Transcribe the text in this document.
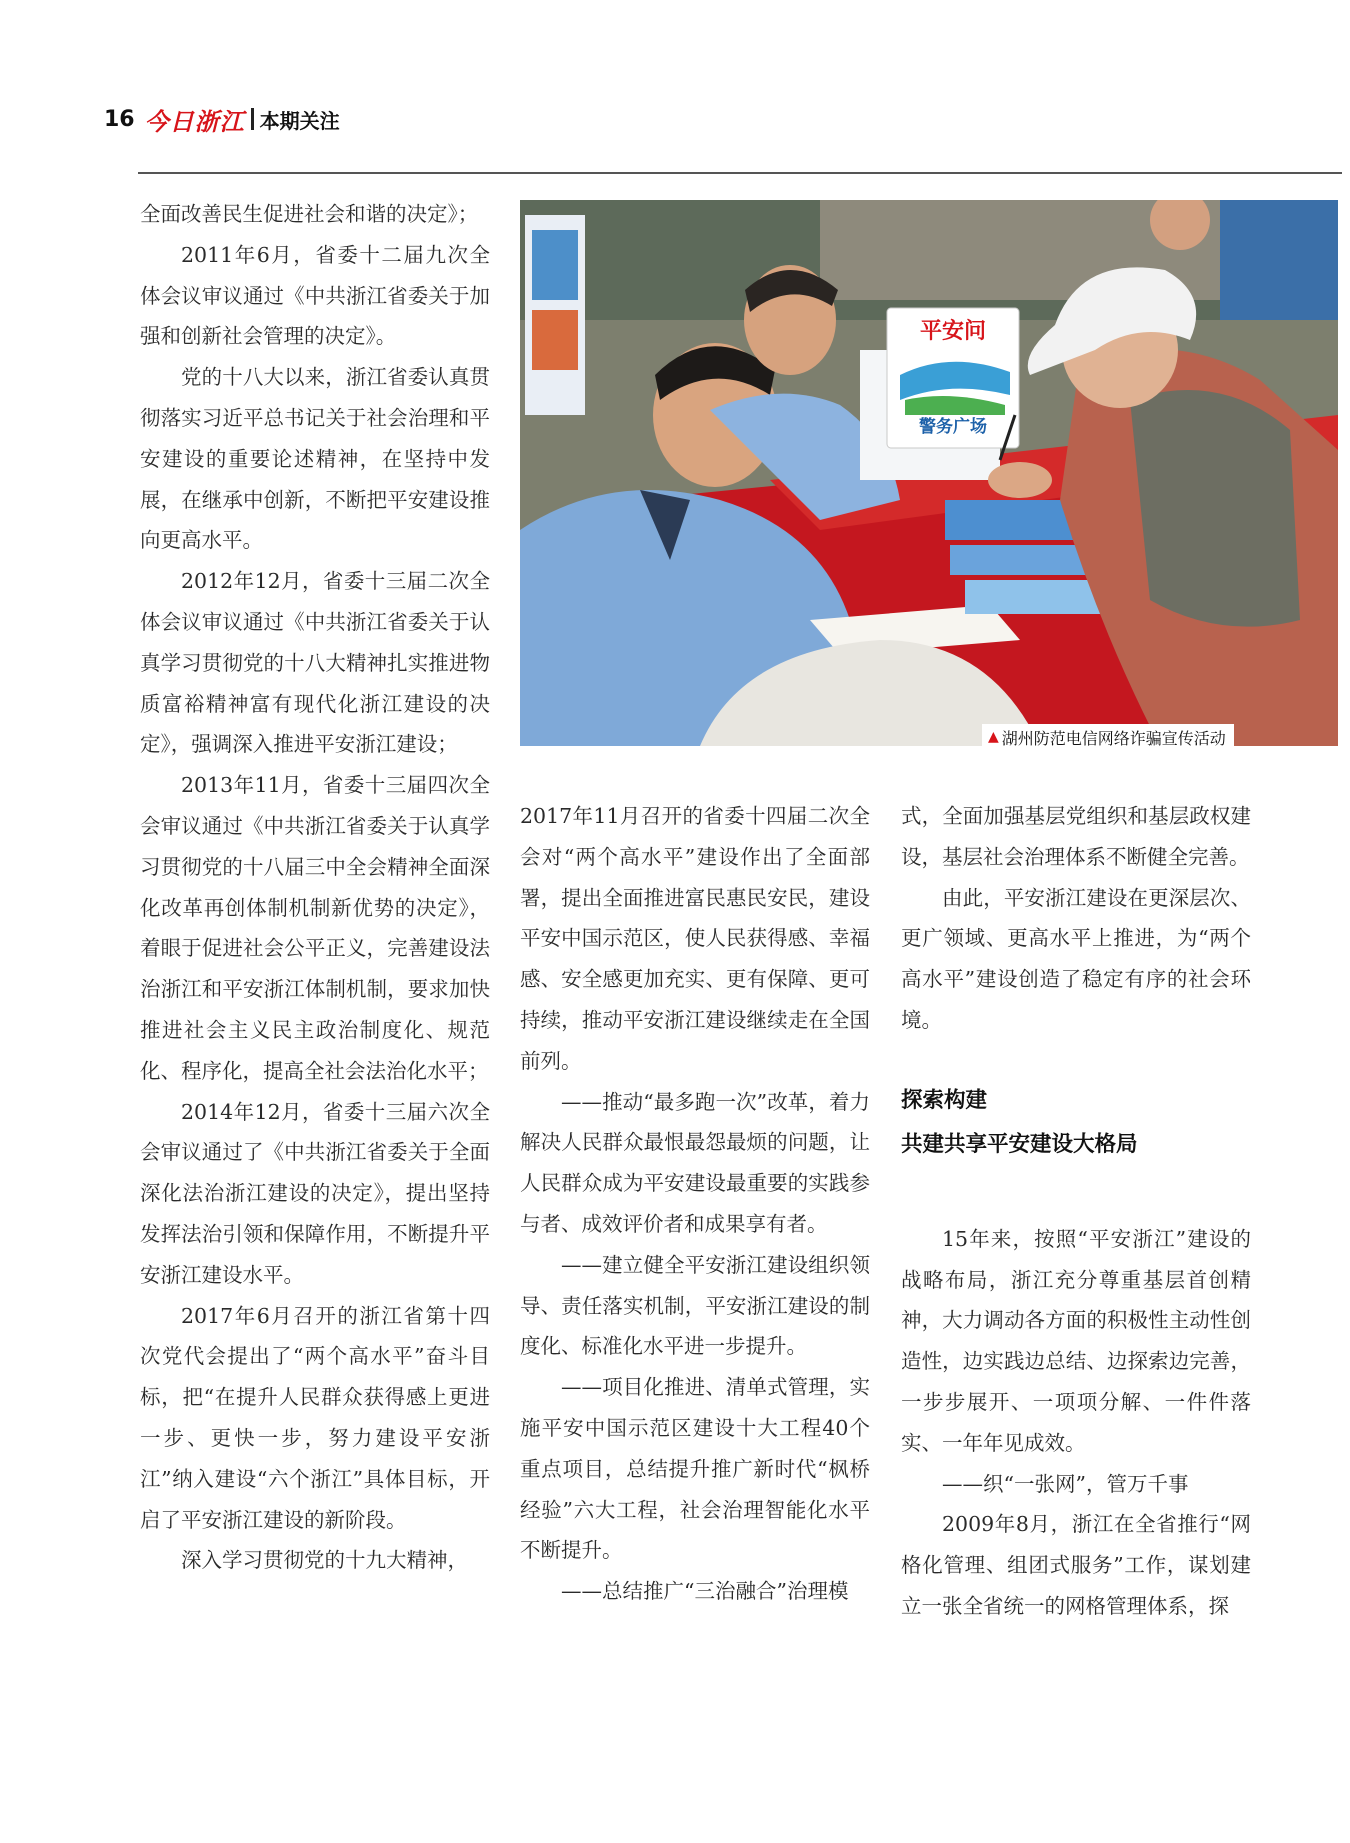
16 今日浙江 本期关注

全面改善民生促进社会和谐的决定》；

2011年6月，省委十二届九次全体会议审议通过《中共浙江省委关于加强和创新社会管理的决定》。

党的十八大以来，浙江省委认真贯彻落实习近平总书记关于社会治理和平安建设的重要论述精神，在坚持中发展，在继承中创新，不断把平安建设推向更高水平。

2012年12月，省委十三届二次全体会议审议通过《中共浙江省委关于认真学习贯彻党的十八大精神扎实推进物质富裕精神富有现代化浙江建设的决定》，强调深入推进平安浙江建设；

2013年11月，省委十三届四次全会审议通过《中共浙江省委关于认真学习贯彻党的十八届三中全会精神全面深化改革再创体制机制新优势的决定》，着眼于促进社会公平正义，完善建设法治浙江和平安浙江体制机制，要求加快推进社会主义民主政治制度化、规范化、程序化，提高全社会法治化水平；

2014年12月，省委十三届六次全会审议通过了《中共浙江省委关于全面深化法治浙江建设的决定》，提出坚持发挥法治引领和保障作用，不断提升平安浙江建设水平。

2017年6月召开的浙江省第十四次党代会提出了“两个高水平”奋斗目标，把“在提升人民群众获得感上更进一步、更快一步，努力建设平安浙江”纳入建设“六个浙江”具体目标，开启了平安浙江建设的新阶段。

深入学习贯彻党的十九大精神，

平安问
警务广场
▲ 湖州防范电信网络诈骗宣传活动

2017年11月召开的省委十四届二次全会对“两个高水平”建设作出了全面部署，提出全面推进富民惠民安民，建设平安中国示范区，使人民获得感、幸福感、安全感更加充实、更有保障、更可持续，推动平安浙江建设继续走在全国前列。

——推动“最多跑一次”改革，着力解决人民群众最恨最怨最烦的问题，让人民群众成为平安建设最重要的实践参与者、成效评价者和成果享有者。

——建立健全平安浙江建设组织领导、责任落实机制，平安浙江建设的制度化、标准化水平进一步提升。

——项目化推进、清单式管理，实施平安中国示范区建设十大工程40个重点项目，总结提升推广新时代“枫桥经验”六大工程，社会治理智能化水平不断提升。

——总结推广“三治融合”治理模

式，全面加强基层党组织和基层政权建设，基层社会治理体系不断健全完善。

由此，平安浙江建设在更深层次、更广领域、更高水平上推进，为“两个高水平”建设创造了稳定有序的社会环境。

探索构建

共建共享平安建设大格局

15年来，按照“平安浙江”建设的战略布局，浙江充分尊重基层首创精神，大力调动各方面的积极性主动性创造性，边实践边总结、边探索边完善，一步步展开、一项项分解、一件件落实、一年年见成效。

——织“一张网”，管万千事

2009年8月，浙江在全省推行“网格化管理、组团式服务”工作，谋划建立一张全省统一的网格管理体系，探
